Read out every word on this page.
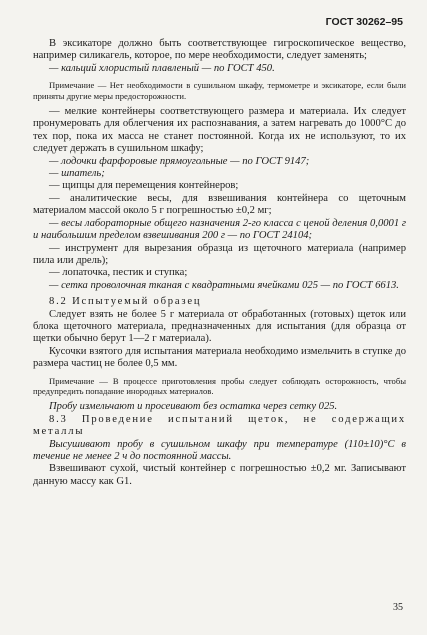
ГОСТ 30262–95

В эксикаторе должно быть соответствующее гигроскопическое вещество, например силикагель, которое, по мере необходимости, следует заменять;

— кальций хлористый плавленый — по ГОСТ 450.

Примечание — Нет необходимости в сушильном шкафу, термометре и эксикаторе, если были приняты другие меры предосторожности.

— мелкие контейнеры соответствующего размера и материала. Их следует пронумеровать для облегчения их распознавания, а затем нагревать до 1000°С до тех пор, пока их масса не станет постоянной. Когда их не используют, то их следует держать в сушильном шкафу;

— лодочки фарфоровые прямоугольные — по ГОСТ 9147;

— шпатель;

— щипцы для перемещения контейнеров;

— аналитические весы, для взвешивания контейнера со щеточным материалом массой около 5 г погрешностью ±0,2 мг;

— весы лабораторные общего назначения 2-го класса с ценой деления 0,0001 г и наибольшим пределом взвешивания 200 г — по ГОСТ 24104;

— инструмент для вырезания образца из щеточного материала (например пила или дрель);

— лопаточка, пестик и ступка;

— сетка проволочная тканая с квадратными ячейками 025 — по ГОСТ 6613.

8.2 Испытуемый образец

Следует взять не более 5 г материала от обработанных (готовых) щеток или блока щеточного материала, предназначенных для испытания (для образца от щетки обычно берут 1—2 г материала).

Кусочки взятого для испытания материала необходимо измельчить в ступке до размера частиц не более 0,5 мм.

Примечание — В процессе приготовления пробы следует соблюдать осторожность, чтобы предупредить попадание инородных материалов.

Пробу измельчают и просеивают без остатка через сетку 025.

8.3 Проведение испытаний щеток, не содержащих металлы

Высушивают пробу в сушильном шкафу при температуре (110±10)°С в течение не менее 2 ч до постоянной массы.

Взвешивают сухой, чистый контейнер с погрешностью ±0,2 мг. Записывают данную массу как G1.

35
